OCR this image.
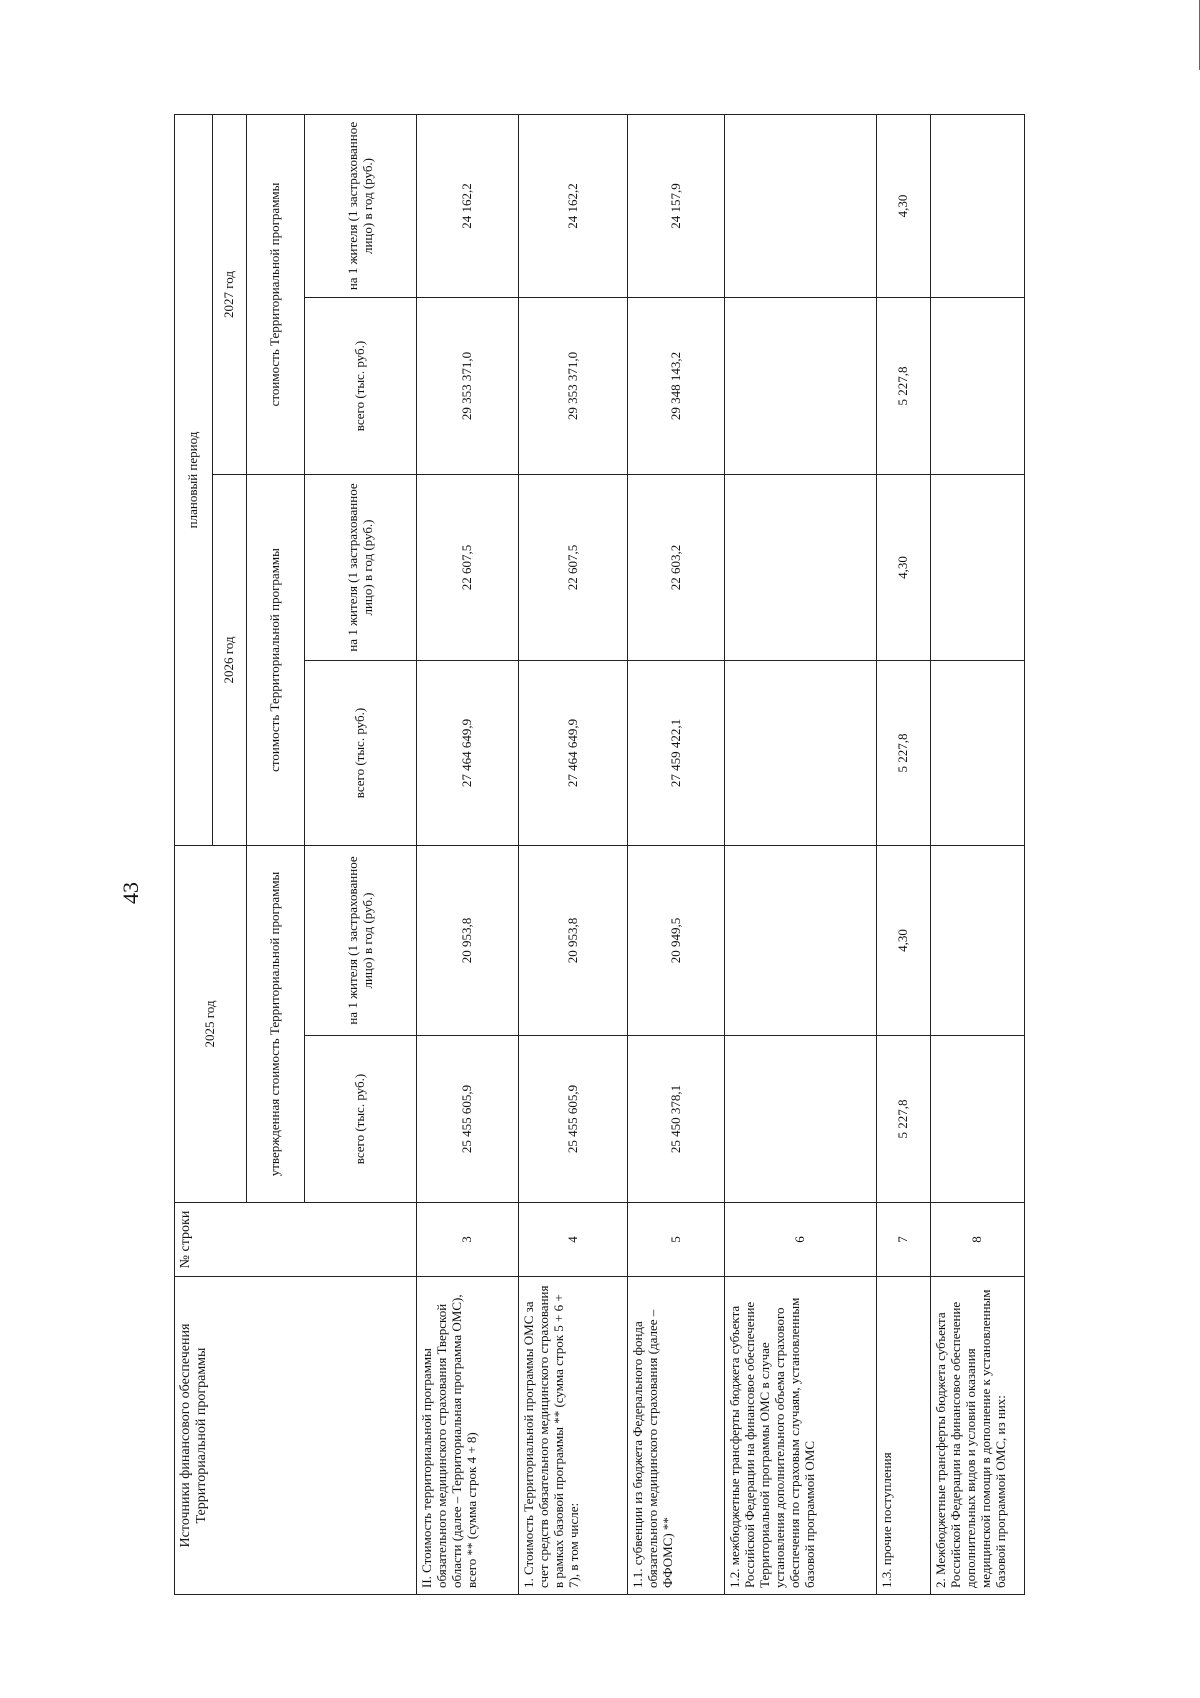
43
Источники финансового обеспечения Территориальной программы	№ строки	2025 год		плановый период			
				2026 год		2027 год	
		утвержденная стоимость Территориальной программы		стоимость Территориальной программы		стоимость Территориальной программы	
		всего (тыс. руб.)	на 1 жителя (1 застрахованное лицо) в год (руб.)	всего (тыс. руб.)	на 1 жителя (1 застрахованное лицо) в год (руб.)	всего (тыс. руб.)	на 1 жителя (1 застрахованное лицо) в год (руб.)
II. Стоимость территориальной программы обязательного медицинского страхования Тверской области (далее – Территориальная программа ОМС), всего ** (сумма строк 4 + 8)	3	25 455 605,9	20 953,8	27 464 649,9	22 607,5	29 353 371,0	24 162,2
1. Стоимость Территориальной программы ОМС за счет средств обязательного медицинского страхования в рамках базовой программы ** (сумма строк 5 + 6 + 7), в том числе:	4	25 455 605,9	20 953,8	27 464 649,9	22 607,5	29 353 371,0	24 162,2
1.1. субвенции из бюджета Федерального фонда обязательного медицинского страхования (далее – ФФОМС) **	5	25 450 378,1	20 949,5	27 459 422,1	22 603,2	29 348 143,2	24 157,9
1.2. межбюджетные трансферты бюджета субъекта Российской Федерации на финансовое обеспечение Территориальной программы ОМС в случае установления дополнительного объема страхового обеспечения по страховым случаям, установленным базовой программой ОМС	6						
1.3. прочие поступления	7	5 227,8	4,30	5 227,8	4,30	5 227,8	4,30
2. Межбюджетные трансферты бюджета субъекта Российской Федерации на финансовое обеспечение дополнительных видов и условий оказания медицинской помощи в дополнение к установленным базовой программой ОМС, из них:	8						
